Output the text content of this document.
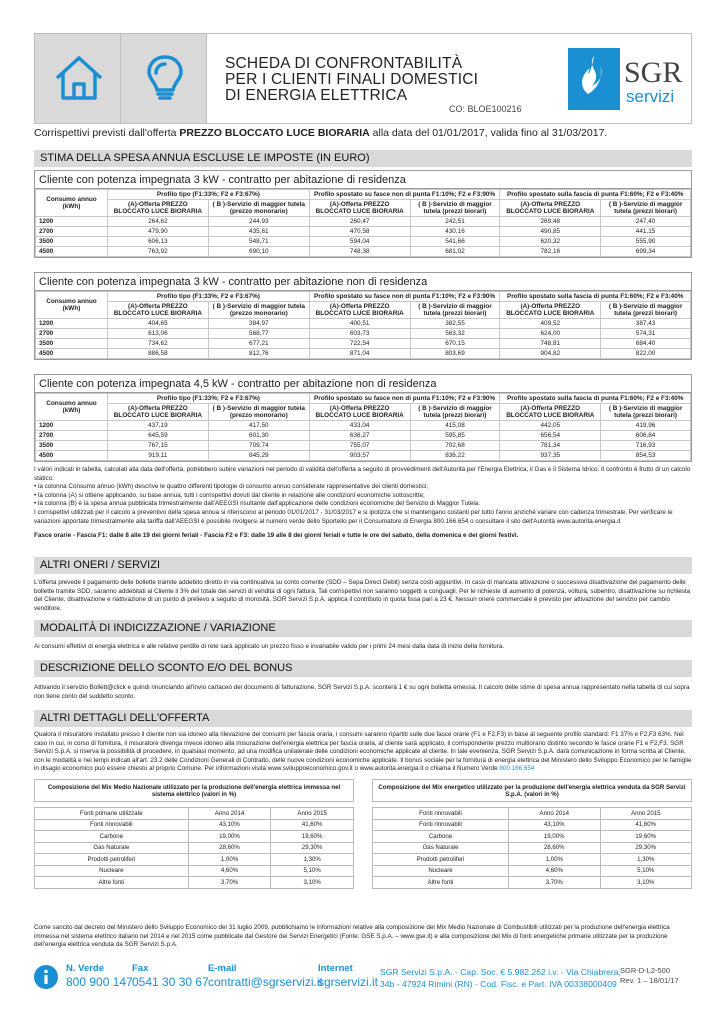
SCHEDA DI CONFRONTABILITÀ
PER I CLIENTI FINALI DOMESTICI
DI ENERGIA ELETTRICA
CO: BLOE100216
SGR
servizi
Corrispettivi previsti dall'offerta PREZZO BLOCCATO LUCE BIORARIA alla data del 01/01/2017, valida fino al 31/03/2017.
STIMA DELLA SPESA ANNUA ESCLUSE LE IMPOSTE (IN EURO)
Cliente con potenza impegnata 3 kW - contratto per abitazione di residenza
Consumo annuo (kWh)	Profilo tipo (F1:33%; F2 e F3:67%)		Profilo spostato su fasce non di punta F1:10%; F2 e F3:90%		Profilo spostato sulla fascia di punta F1:60%; F2 e F3:40%	
	(A)-Offerta PREZZO BLOCCATO LUCE BIORARIA	( B )-Servizio di maggior tutela (prezzo monorario)	(A)-Offerta PREZZO BLOCCATO LUCE BIORARIA	( B )-Servizio di maggior tutela (prezzi biorari)	(A)-Offerta PREZZO BLOCCATO LUCE BIORARIA	( B )-Servizio di maggior tutela (prezzi biorari)
1200	264,62	244,93	260,47	242,51	269,48	247,40
2700	479,90	435,61	470,58	430,16	490,85	441,15
3500	606,13	548,71	594,04	541,66	620,32	555,90
4500	763,92	690,10	748,38	681,02	782,16	699,34
Cliente con potenza impegnata 3 kW - contratto per abitazione non di residenza
Consumo annuo (kWh)	Profilo tipo (F1:33%; F2 e F3:67%)		Profilo spostato su fasce non di punta F1:10%; F2 e F3:90%		Profilo spostato sulla fascia di punta F1:60%; F2 e F3:40%	
	(A)-Offerta PREZZO BLOCCATO LUCE BIORARIA	( B )-Servizio di maggior tutela (prezzo monorario)	(A)-Offerta PREZZO BLOCCATO LUCE BIORARIA	( B )-Servizio di maggior tutela (prezzi biorari)	(A)-Offerta PREZZO BLOCCATO LUCE BIORARIA	( B )-Servizio di maggior tutela (prezzi biorari)
1200	404,65	384,97	400,51	382,55	409,52	387,43
2700	613,06	568,77	603,73	563,32	624,00	574,31
3500	734,62	677,21	722,54	670,15	748,81	684,40
4500	886,58	812,76	871,04	803,69	904,82	822,00
Cliente con potenza impegnata 4,5 kW - contratto per abitazione non di residenza
Consumo annuo (kWh)	Profilo tipo (F1:33%; F2 e F3:67%)		Profilo spostato su fasce non di punta F1:10%; F2 e F3:90%		Profilo spostato sulla fascia di punta F1:60%; F2 e F3:40%	
	(A)-Offerta PREZZO BLOCCATO LUCE BIORARIA	( B )-Servizio di maggior tutela (prezzo monorario)	(A)-Offerta PREZZO BLOCCATO LUCE BIORARIA	( B )-Servizio di maggior tutela (prezzi biorari)	(A)-Offerta PREZZO BLOCCATO LUCE BIORARIA	( B )-Servizio di maggior tutela (prezzi biorari)
1200	437,19	417,50	433,04	415,08	442,05	419,96
2700	645,59	601,30	636,27	595,85	656,54	606,84
3500	767,15	709,74	755,07	702,68	781,34	716,93
4500	919,11	845,29	903,57	836,22	937,35	854,53
I valori indicati in tabella, calcolati alla data dell'offerta, potrebbero subire variazioni nel periodo di validità dell'offerta a seguito di provvedimenti dell'Autorità per l'Energia Elettrica, il Gas e il Sistema Idrico. Il confronto è frutto di un calcolo statico:
• la colonna Consumo annuo (kWh) descrive le quattro differenti tipologie di consumo annuo considerate rappresentative dei clienti domestici;
• la colonna (A) si ottiene applicando, su base annua, tutti i corrispettivi dovuti dal cliente in relazione alle condizioni economiche sottoscritte;
• la colonna (B) è la spesa annua pubblicata trimestralmente dall'AEEGSI risultante dall'applicazione delle condizioni economiche del Servizio di Maggior Tutela.
I corrispettivi utilizzati per il calcolo a preventivo della spesa annua si riferiscono al periodo 01/01/2017 - 31/03/2017 e si ipotizza che si mantengano costanti per tutto l'anno anziché variare con cadenza trimestrale. Per verificare le variazioni apportate trimestralmente alla tariffa dall'AEEGSI è possibile rivolgersi al numero verde dello Sportello per il Consumatore di Energia 800.166.654 o consultare il sito dell'Autorità www.autorita.energia.it
Fasce orarie - Fascia F1: dalle 8 alle 19 dei giorni feriali - Fascia F2 e F3: dalle 19 alle 8 dei giorni feriali e tutte le ore del sabato, della domenica e dei giorni festivi.
ALTRI ONERI / SERVIZI
L'offerta prevede il pagamento delle bollette tramite addebito diretto in via continuativa su conto corrente (SDD – Sepa Direct Debit) senza costi aggiuntivi. In caso di mancata attivazione o successiva disattivazione del pagamento delle bollette tramite SDD, saranno addebitati al Cliente il 3% del totale dei servizi di vendita di ogni fattura. Tali corrispettivi non saranno soggetti a conguagli. Per le richieste di aumento di potenza, voltura, subentro, disattivazione su richiesta del Cliente, disattivazione e riattivazione di un punto di prelievo a seguito di morosità, SGR Servizi S.p.A. applica il contributo in quota fissa pari a 23 €. Nessun onere commerciale è previsto per attivazione del servizio per cambio venditore.
MODALITÀ DI INDICIZZAZIONE / VARIAZIONE
Ai consumi effettivi di energia elettrica e alle relative perdite di rete sarà applicato un prezzo fisso e invariabile valido per i primi 24 mesi dalla data di inizio della fornitura.
DESCRIZIONE DELLO SCONTO E/O DEL BONUS
Attivando il servizio Bollett@click e quindi rinunciando all'invio cartaceo dei documenti di fatturazione, SGR Servizi S.p.A. sconterà 1 € su ogni bolletta emessa. Il calcolo delle stime di spesa annua rappresentato nella tabella di cui sopra non tiene conto del suddetto sconto.
ALTRI DETTAGLI DELL'OFFERTA
Qualora il misuratore installato presso il cliente non sia idoneo alla rilevazione dei consumi per fascia oraria, i consumi saranno ripartiti sulle due fasce orarie (F1 e F2,F3) in base al seguente profilo standard: F1 37% e F2,F3 63%. Nel caso in cui, in corso di fornitura, il misuratore divenga invece idoneo alla misurazione dell'energia elettrica per fascia oraria, al cliente sarà applicato, il corrispondente prezzo multiorario distinto secondo le fasce orarie F1 e F2,F3. SGR Servizi S.p.A. si riserva la possibilità di procedere, in qualsiasi momento, ad una modifica unilaterale delle condizioni economiche applicate al cliente. In tale evenienza, SGR Servizi S.p.A. darà comunicazione in forma scritta al Cliente, con le modalità e nei tempi indicati all'art. 23.2 delle Condizioni Generali di Contratto, delle nuove condizioni economiche applicate. Il bonus sociale per la fornitura di energia elettrica del Ministero dello Sviluppo Economico per le famiglie in disagio economico può essere chiesto al proprio Comune. Per informazioni visita www.sviluppoeconomico.gov.it o www.autorita.energia.it o chiama il Numero Verde 800 166 654
Composizione del Mix Medio Nazionale utilizzato per la produzione dell'energia elettrica immessa nel sistema elettrico (valori in %)		

Fonti primarie utilizzate	Anno 2014	Anno 2015
Fonti rinnovabili	43,10%	41,60%
Carbone	19,00%	19,60%
Gas Naturale	28,60%	29,30%
Prodotti petroliferi	1,00%	1,30%
Nucleare	4,60%	5,10%
Altre fonti	3,70%	3,10%
Composizione del Mix energetico utilizzato per la produzione dell'energia elettrica venduta da SGR Servizi S.p.A. (valori in %)		

Fonti rinnovabili	Anno 2014	Anno 2015
Fonti rinnovabili	43,10%	41,60%
Carbone	19,00%	19,60%
Gas Naturale	28,60%	29,30%
Prodotti petroliferi	1,00%	1,30%
Nucleare	4,60%	5,10%
Altre fonti	3,70%	3,10%
Come sancito dal decreto del Ministero dello Sviluppo Economico del 31 luglio 2009, pubblichiamo le informazioni relative alla composizione del Mix Medio Nazionale di Combustibili utilizzati per la produzione dell'energia elettrica immessa nel sistema elettrico italiano nel 2014 e nel 2015 come pubblicate dal Gestore dei Servizi Energetici (Fonte: GSE S.p.A. – www.gse.it) e alla composizione del Mix di fonti energetiche primarie utilizzate per la produzione dell'energia elettrica venduta da SGR Servizi S.p.A.
N. Verde
800 900 147
Fax
0541 30 30 67
E-mail
contratti@sgrservizi.it
Internet
sgrservizi.it
SGR Servizi S.p.A. - Cap. Soc. € 5.982.262 i.v. - Via Chiabrera,
34b - 47924 Rimini (RN) - Cod. Fisc. e Part. IVA 00338000409
SGR-D-L2-500
Rev. 1 – 18/01/17
